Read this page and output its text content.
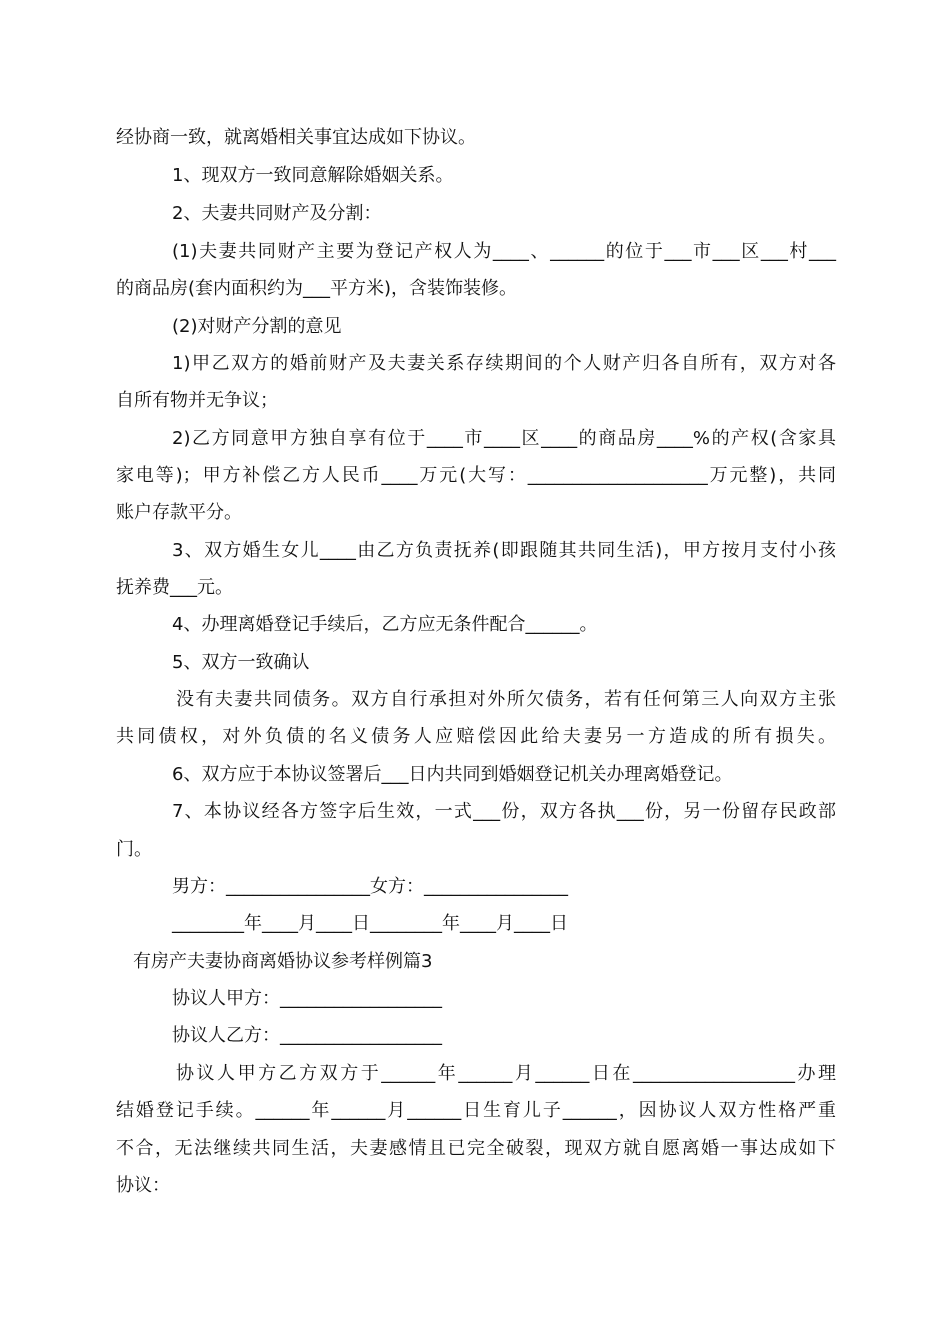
经协商一致，就离婚相关事宜达成如下协议。

1、现双方一致同意解除婚姻关系。

2、夫妻共同财产及分割：

(1)夫妻共同财产主要为登记产权人为____、______的位于___市___区___村___

的商品房(套内面积约为___平方米)，含装饰装修。

(2)对财产分割的意见

1)甲乙双方的婚前财产及夫妻关系存续期间的个人财产归各自所有，双方对各

自所有物并无争议；

2)乙方同意甲方独自享有位于____市____区____的商品房____%的产权(含家具

家电等)；甲方补偿乙方人民币____万元(大写：____________________万元整)，共同

账户存款平分。

3、双方婚生女儿____由乙方负责抚养(即跟随其共同生活)，甲方按月支付小孩

抚养费___元。

4、办理离婚登记手续后，乙方应无条件配合______。

5、双方一致确认

没有夫妻共同债务。双方自行承担对外所欠债务，若有任何第三人向双方主张

共同债权，对外负债的名义债务人应赔偿因此给夫妻另一方造成的所有损失。

6、双方应于本协议签署后___日内共同到婚姻登记机关办理离婚登记。

7、本协议经各方签字后生效，一式___份，双方各执___份，另一份留存民政部

门。

男方：________________女方：________________

________年____月____日________年____月____日

有房产夫妻协商离婚协议参考样例篇3

协议人甲方：__________________

协议人乙方：__________________

协议人甲方乙方双方于______年______月______日在__________________办理

结婚登记手续。______年______月______日生育儿子______，因协议人双方性格严重

不合，无法继续共同生活，夫妻感情且已完全破裂，现双方就自愿离婚一事达成如下

协议：
